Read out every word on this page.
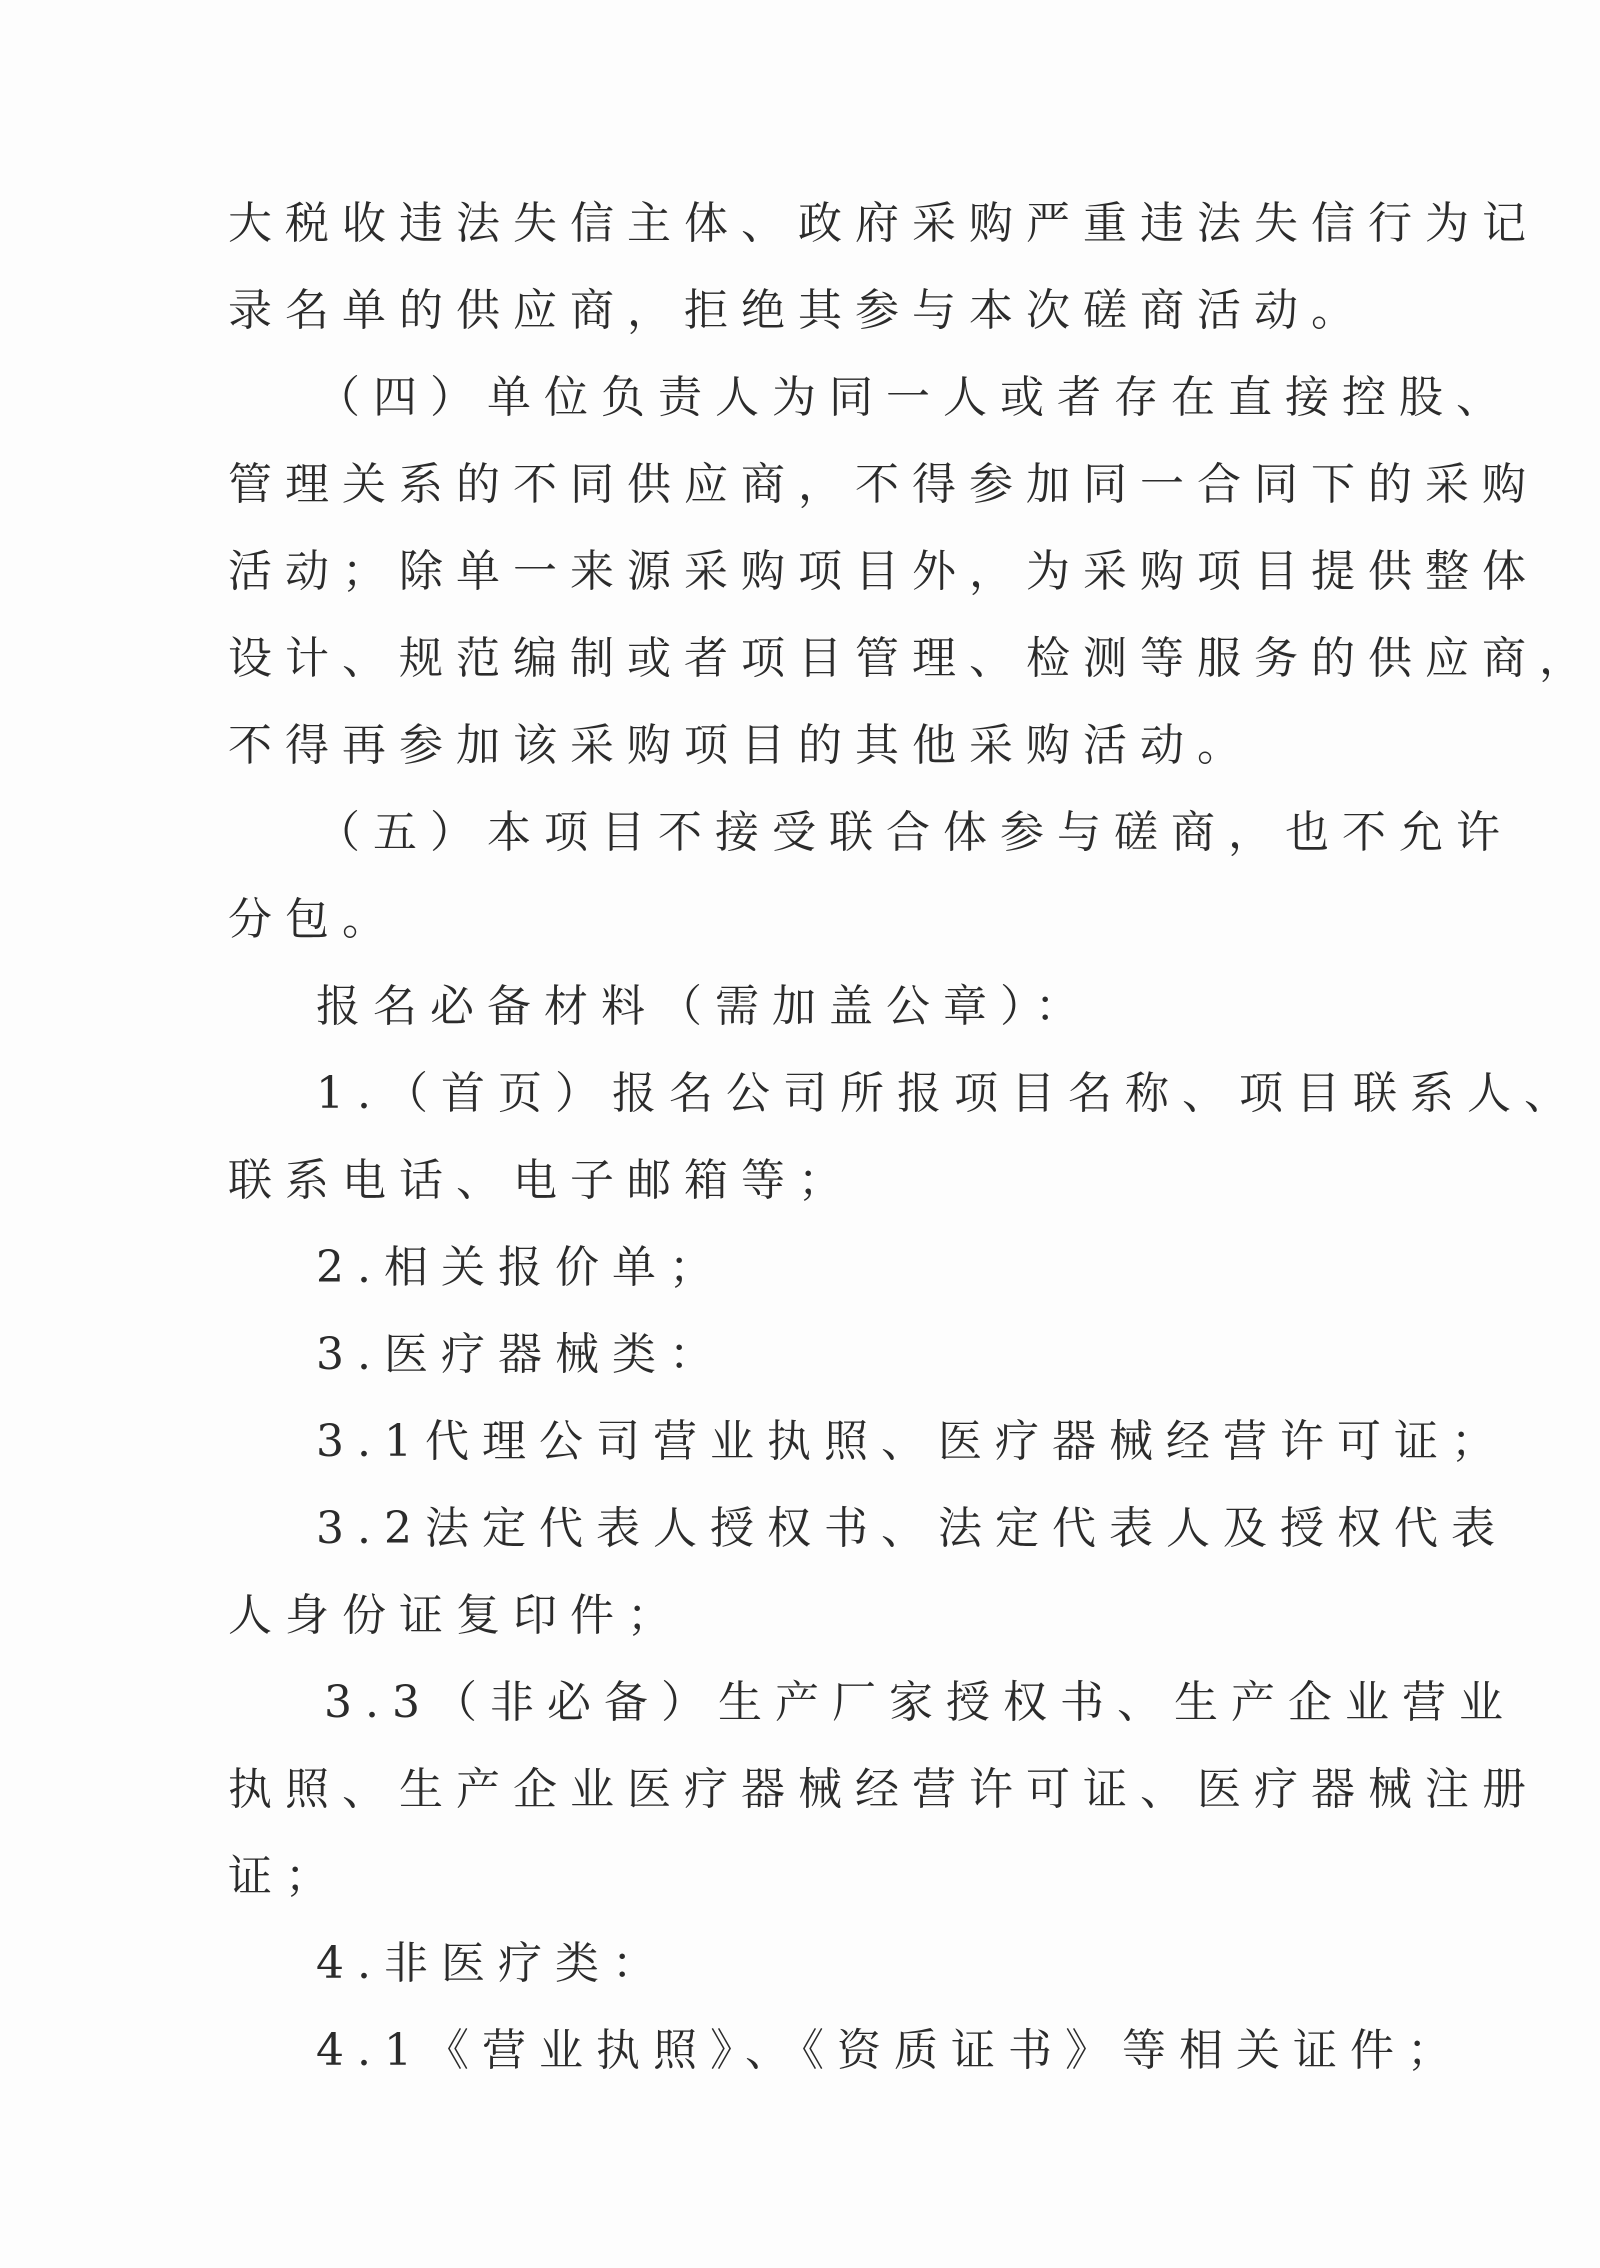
大税收违法失信主体、政府采购严重违法失信行为记
录名单的供应商，拒绝其参与本次磋商活动。
（四）单位负责人为同一人或者存在直接控股、
管理关系的不同供应商，不得参加同一合同下的采购
活动；除单一来源采购项目外，为采购项目提供整体
设计、规范编制或者项目管理、检测等服务的供应商，
不得再参加该采购项目的其他采购活动。
（五）本项目不接受联合体参与磋商，也不允许
分包。
报名必备材料（需加盖公章）：
1.（首页）报名公司所报项目名称、项目联系人、
联系电话、电子邮箱等；
2.相关报价单；
3.医疗器械类：
3.1代理公司营业执照、医疗器械经营许可证；
3.2法定代表人授权书、法定代表人及授权代表
人身份证复印件；
3.3（非必备）生产厂家授权书、生产企业营业
执照、生产企业医疗器械经营许可证、医疗器械注册
证；
4.非医疗类：
4.1《营业执照》、《资质证书》等相关证件；
